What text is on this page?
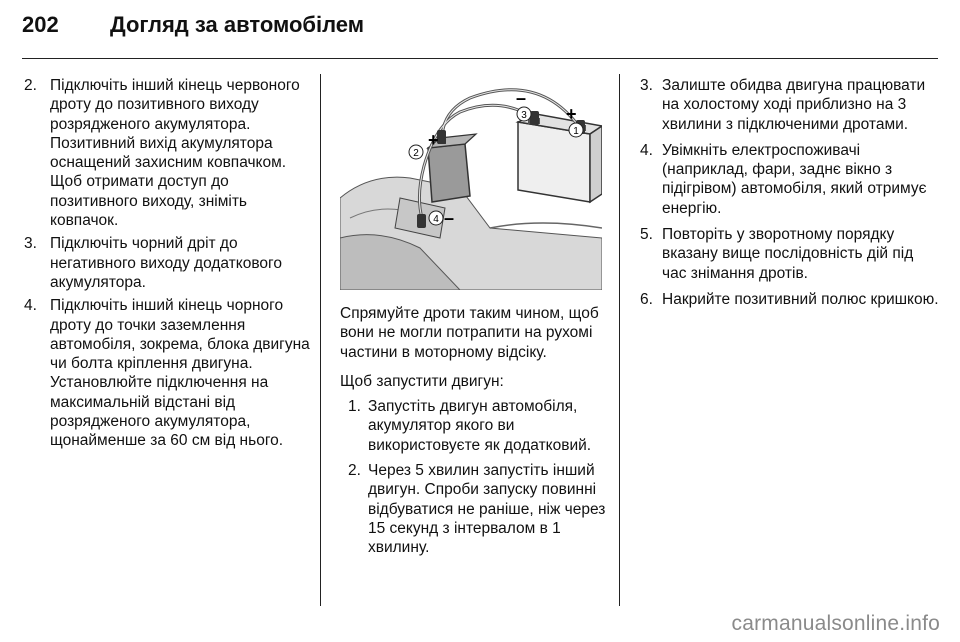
202	Догляд за автомобілем
2. Підключіть інший кінець червоного дроту до позитивного виходу розрядженого акумулятора. Позитивний вихід акумулятора оснащений захисним ковпачком. Щоб отримати доступ до позитивного виходу, зніміть ковпачок.
3. Підключіть чорний дріт до негативного виходу додаткового акумулятора.
4. Підключіть інший кінець чорного дроту до точки заземлення автомобіля, зокрема, блока двигуна чи болта кріплення двигуна. Установлюйте підключення на максимальній відстані від розрядженого акумулятора, щонайменше за 60 см від нього.
1
2
3
4
+
–
+
–

Спрямуйте дроти таким чином, щоб вони не могли потрапити на рухомі частини в моторному відсіку.

Щоб запустити двигун:

1. Запустіть двигун автомобіля, акумулятор якого ви використовуєте як додатковий.
2. Через 5 хвилин запустіть інший двигун. Спроби запуску повинні відбуватися не раніше, ніж через 15 секунд з інтервалом в 1 хвилину.
3. Залиште обидва двигуна працювати на холостому ході приблизно на 3 хвилини з підключеними дротами.
4. Увімкніть електроспоживачі (наприклад, фари, заднє вікно з підігрівом) автомобіля, який отримує енергію.
5. Повторіть у зворотному порядку вказану вище послідовність дій під час знімання дротів.
6. Накрийте позитивний полюс кришкою.
carmanualsonline.info
